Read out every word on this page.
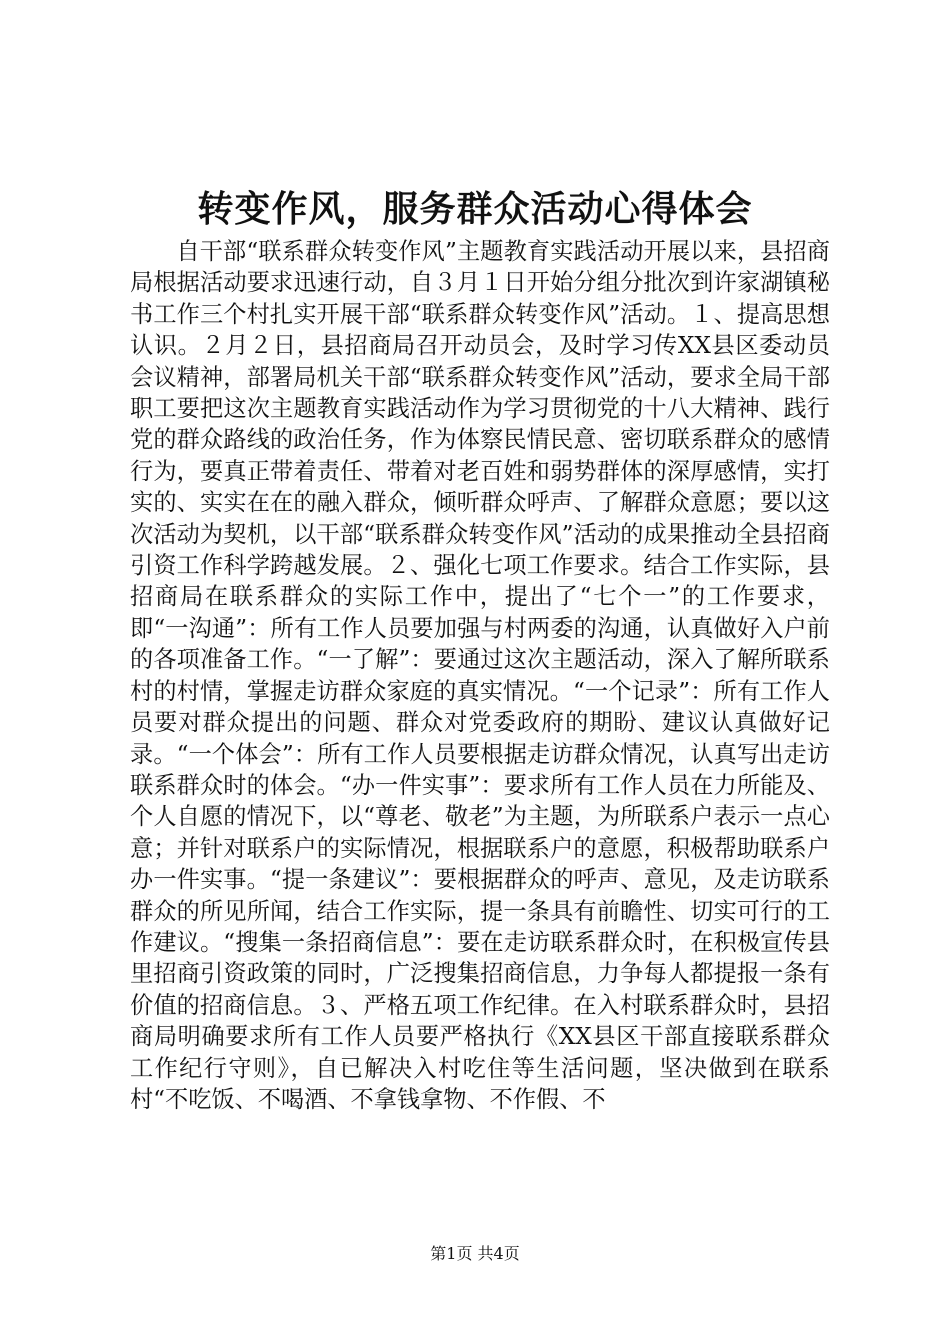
转变作风，服务群众活动心得体会

自干部“联系群众转变作风”主题教育实践活动开展以来，县招商局根据活动要求迅速行动，自３月１日开始分组分批次到许家湖镇秘书工作三个村扎实开展干部“联系群众转变作风”活动。１、提高思想认识。２月２日，县招商局召开动员会，及时学习传XX县区委动员会议精神，部署局机关干部“联系群众转变作风”活动，要求全局干部职工要把这次主题教育实践活动作为学习贯彻党的十八大精神、践行党的群众路线的政治任务，作为体察民情民意、密切联系群众的感情行为，要真正带着责任、带着对老百姓和弱势群体的深厚感情，实打实的、实实在在的融入群众，倾听群众呼声、了解群众意愿；要以这次活动为契机，以干部“联系群众转变作风”活动的成果推动全县招商引资工作科学跨越发展。２、强化七项工作要求。结合工作实际，县招商局在联系群众的实际工作中，提出了“七个一”的工作要求，即“一沟通”：所有工作人员要加强与村两委的沟通，认真做好入户前的各项准备工作。“一了解”：要通过这次主题活动，深入了解所联系村的村情，掌握走访群众家庭的真实情况。“一个记录”：所有工作人员要对群众提出的问题、群众对党委政府的期盼、建议认真做好记录。“一个体会”：所有工作人员要根据走访群众情况，认真写出走访联系群众时的体会。“办一件实事”：要求所有工作人员在力所能及、个人自愿的情况下，以“尊老、敬老”为主题，为所联系户表示一点心意；并针对联系户的实际情况，根据联系户的意愿，积极帮助联系户办一件实事。“提一条建议”：要根据群众的呼声、意见，及走访联系群众的所见所闻，结合工作实际，提一条具有前瞻性、切实可行的工作建议。“搜集一条招商信息”：要在走访联系群众时，在积极宣传县里招商引资政策的同时，广泛搜集招商信息，力争每人都提报一条有价值的招商信息。３、严格五项工作纪律。在入村联系群众时，县招商局明确要求所有工作人员要严格执行《XX县区干部直接联系群众工作纪行守则》，自已解决入村吃住等生活问题，坚决做到在联系村“不吃饭、不喝酒、不拿钱拿物、不作假、不

第1页 共4页
